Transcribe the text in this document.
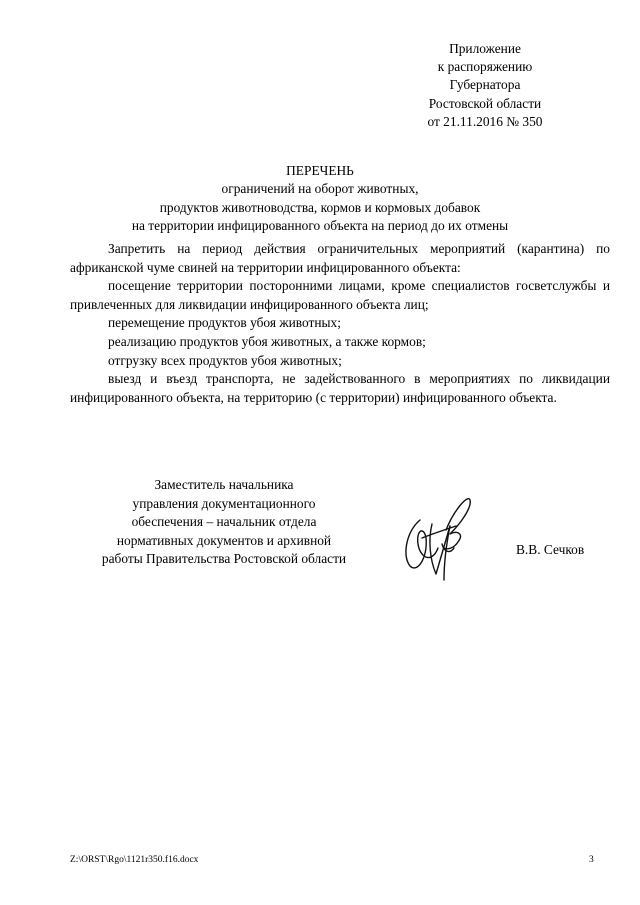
Приложение
к распоряжению
Губернатора
Ростовской области
от 21.11.2016 № 350
ПЕРЕЧЕНЬ
ограничений на оборот животных,
продуктов животноводства, кормов и кормовых добавок
на территории инфицированного объекта на период до их отмены

Запретить на период действия ограничительных мероприятий (карантина) по африканской чуме свиней на территории инфицированного объекта:

посещение территории посторонними лицами, кроме специалистов госветслужбы и привлеченных для ликвидации инфицированного объекта лиц;

перемещение продуктов убоя животных;

реализацию продуктов убоя животных, а также кормов;

отгрузку всех продуктов убоя животных;

выезд и въезд транспорта, не задействованного в мероприятиях по ликвидации инфицированного объекта, на территорию (с территории) инфицированного объекта.

Заместитель начальника
управления документационного
обеспечения – начальник отдела
нормативных документов и архивной
работы Правительства Ростовской области
В.В. Сечков
Z:\ORST\Rgo\1121r350.f16.docx	3
